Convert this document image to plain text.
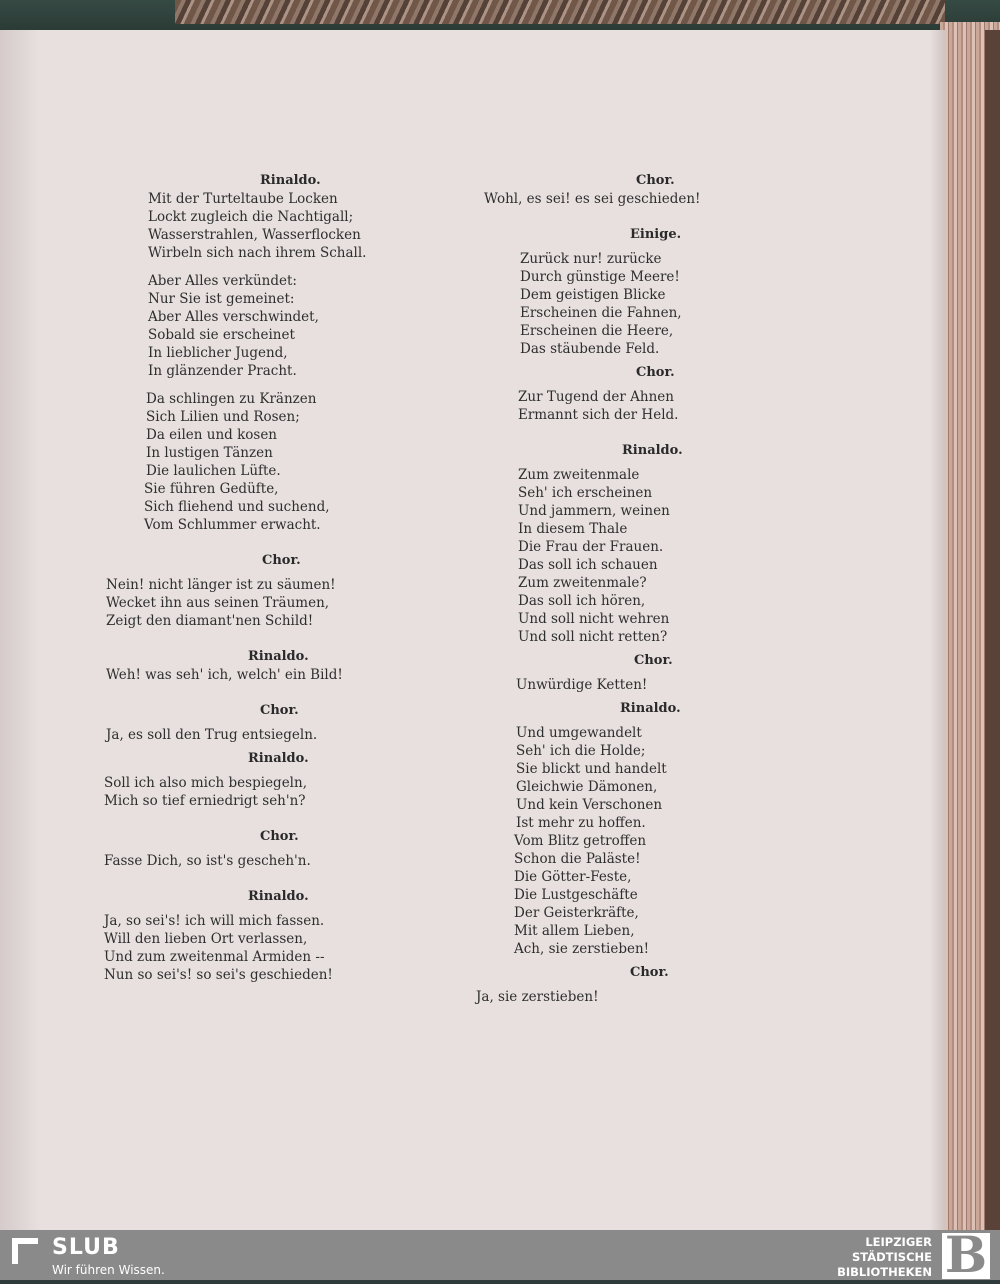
Rinaldo.
Mit der Turteltaube Locken
Lockt zugleich die Nachtigall;
Wasserstrahlen, Wasserflocken
Wirbeln sich nach ihrem Schall.
Aber Alles verkündet:
Nur Sie ist gemeinet:
Aber Alles verschwindet,
Sobald sie erscheinet
In lieblicher Jugend,
In glänzender Pracht.
Da schlingen zu Kränzen
Sich Lilien und Rosen;
Da eilen und kosen
In lustigen Tänzen
Die laulichen Lüfte.
Sie führen Gedüfte,
Sich fliehend und suchend,
Vom Schlummer erwacht.
Chor.
Nein! nicht länger ist zu säumen!
Wecket ihn aus seinen Träumen,
Zeigt den diamant'nen Schild!
Rinaldo.
Weh! was seh' ich, welch' ein Bild!
Chor.
Ja, es soll den Trug entsiegeln.
Rinaldo.
Soll ich also mich bespiegeln,
Mich so tief erniedrigt seh'n?
Chor.
Fasse Dich, so ist's gescheh'n.
Rinaldo.
Ja, so sei's! ich will mich fassen.
Will den lieben Ort verlassen,
Und zum zweitenmal Armiden --
Nun so sei's! so sei's geschieden!
Chor.
Wohl, es sei! es sei geschieden!
Einige.
Zurück nur! zurücke
Durch günstige Meere!
Dem geistigen Blicke
Erscheinen die Fahnen,
Erscheinen die Heere,
Das stäubende Feld.
Chor.
Zur Tugend der Ahnen
Ermannt sich der Held.
Rinaldo.
Zum zweitenmale
Seh' ich erscheinen
Und jammern, weinen
In diesem Thale
Die Frau der Frauen.
Das soll ich schauen
Zum zweitenmale?
Das soll ich hören,
Und soll nicht wehren
Und soll nicht retten?
Chor.
Unwürdige Ketten!
Rinaldo.
Und umgewandelt
Seh' ich die Holde;
Sie blickt und handelt
Gleichwie Dämonen,
Und kein Verschonen
Ist mehr zu hoffen.
Vom Blitz getroffen
Schon die Paläste!
Die Götter-Feste,
Die Lustgeschäfte
Der Geisterkräfte,
Mit allem Lieben,
Ach, sie zerstieben!
Chor.
Ja, sie zerstieben!
SLUB
Wir führen Wissen.
LEIPZIGER
STÄDTISCHE
BIBLIOTHEKEN B
